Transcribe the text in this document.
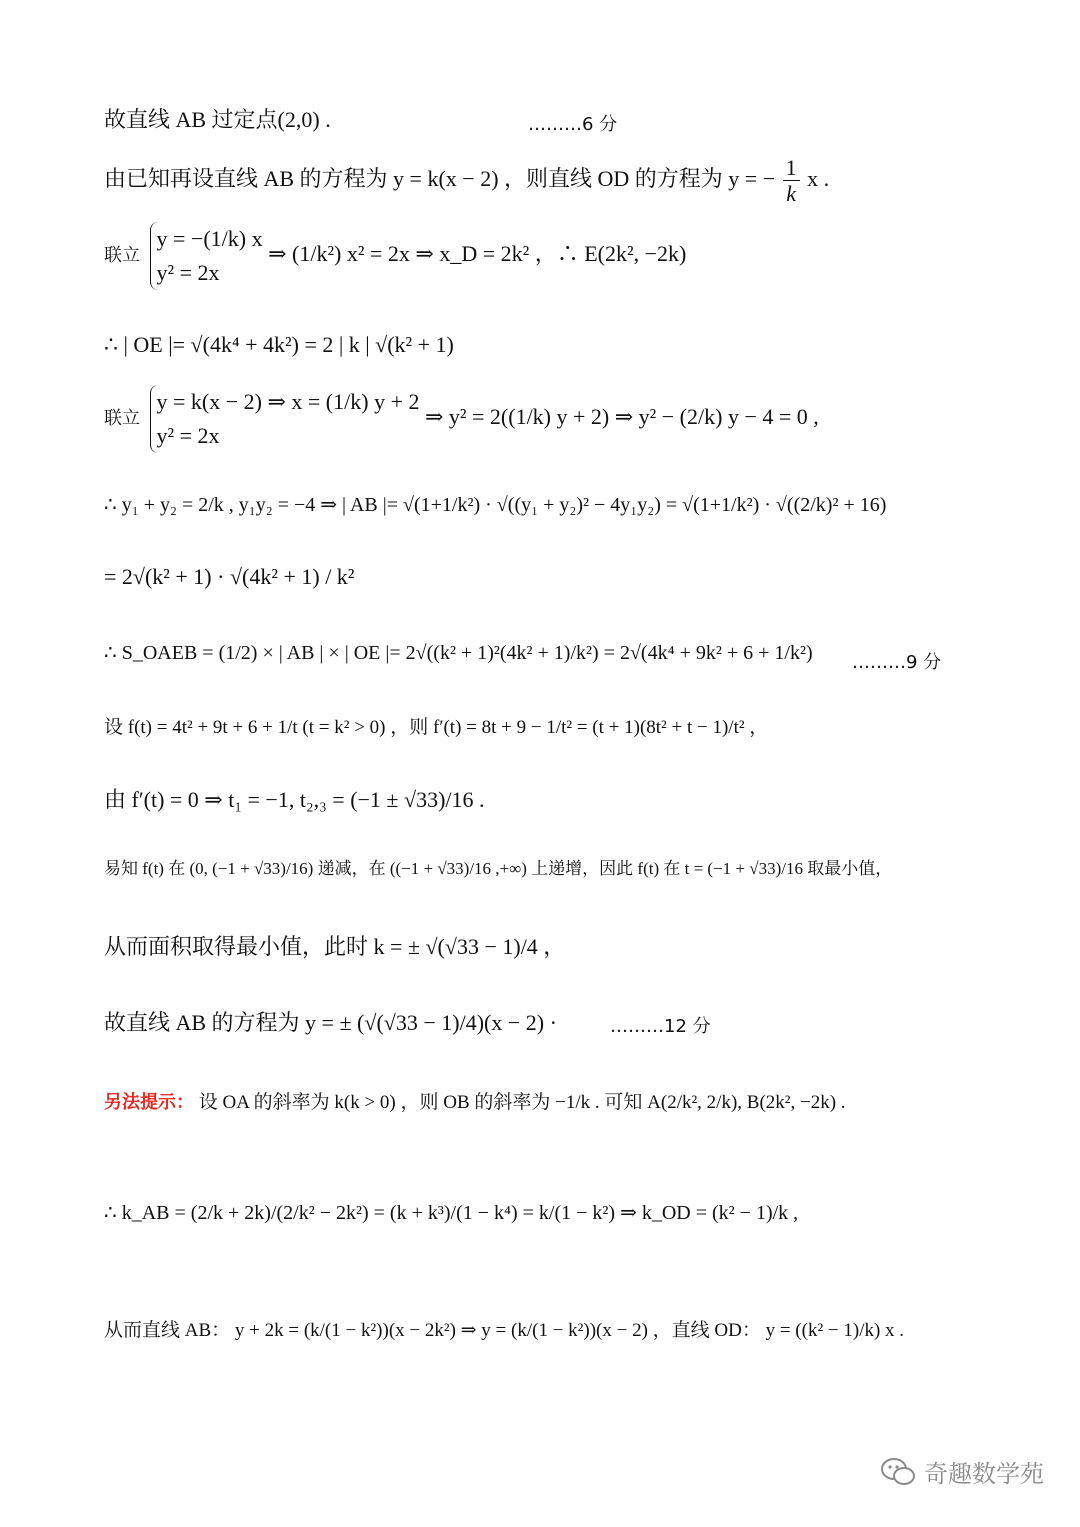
故直线 AB 过定点(2,0) .	………6 分
由已知再设直线 AB 的方程为 y = k(x − 2) ，则直线 OD 的方程为 y = − $\frac{1}{k}$ x .
联立
y = −(1/k) x
y² = 2x
⇒ (1/k²) x² = 2x ⇒ x_D = 2k² ，∴ E(2k², −2k)
∴ | OE |= √(4k⁴ + 4k²) = 2 | k | √(k² + 1)
联立
y = k(x − 2) ⇒ x = (1/k) y + 2
y² = 2x
⇒ y² = 2((1/k) y + 2) ⇒ y² − (2/k) y − 4 = 0 ,
∴ y₁ + y₂ = 2/k , y₁y₂ = −4 ⇒ | AB |= √(1+1/k²) · √((y₁ + y₂)² − 4y₁y₂) = √(1+1/k²) · √((2/k)² + 16)
= 2√(k² + 1) · √(4k² + 1) / k²
∴ S_OAEB = (1/2) × | AB | × | OE |= 2√((k² + 1)²(4k² + 1)/k²) = 2√(4k⁴ + 9k² + 6 + 1/k²)	………9 分
设 f(t) = 4t² + 9t + 6 + 1/t (t = k² > 0) ，则 f′(t) = 8t + 9 − 1/t² = (t + 1)(8t² + t − 1)/t² ，
由 f′(t) = 0 ⇒ t₁ = −1, t₂,₃ = (−1 ± √33)/16 .
易知 f(t) 在 (0, (−1 + √33)/16) 递减，在 ((−1 + √33)/16 ,+∞) 上递增，因此 f(t) 在 t = (−1 + √33)/16 取最小值，
从而面积取得最小值，此时 k = ± √(√33 − 1)/4 ，
故直线 AB 的方程为 y = ± (√(√33 − 1)/4)(x − 2) ·	………12 分
另法提示： 设 OA 的斜率为 k(k > 0) ，则 OB 的斜率为 −1/k . 可知 A(2/k², 2/k), B(2k², −2k) .
∴ k_AB = (2/k + 2k)/(2/k² − 2k²) = (k + k³)/(1 − k⁴) = k/(1 − k²) ⇒ k_OD = (k² − 1)/k ,
从而直线 AB： y + 2k = (k/(1 − k²))(x − 2k²) ⇒ y = (k/(1 − k²))(x − 2) ，直线 OD： y = ((k² − 1)/k) x .
奇趣数学苑
